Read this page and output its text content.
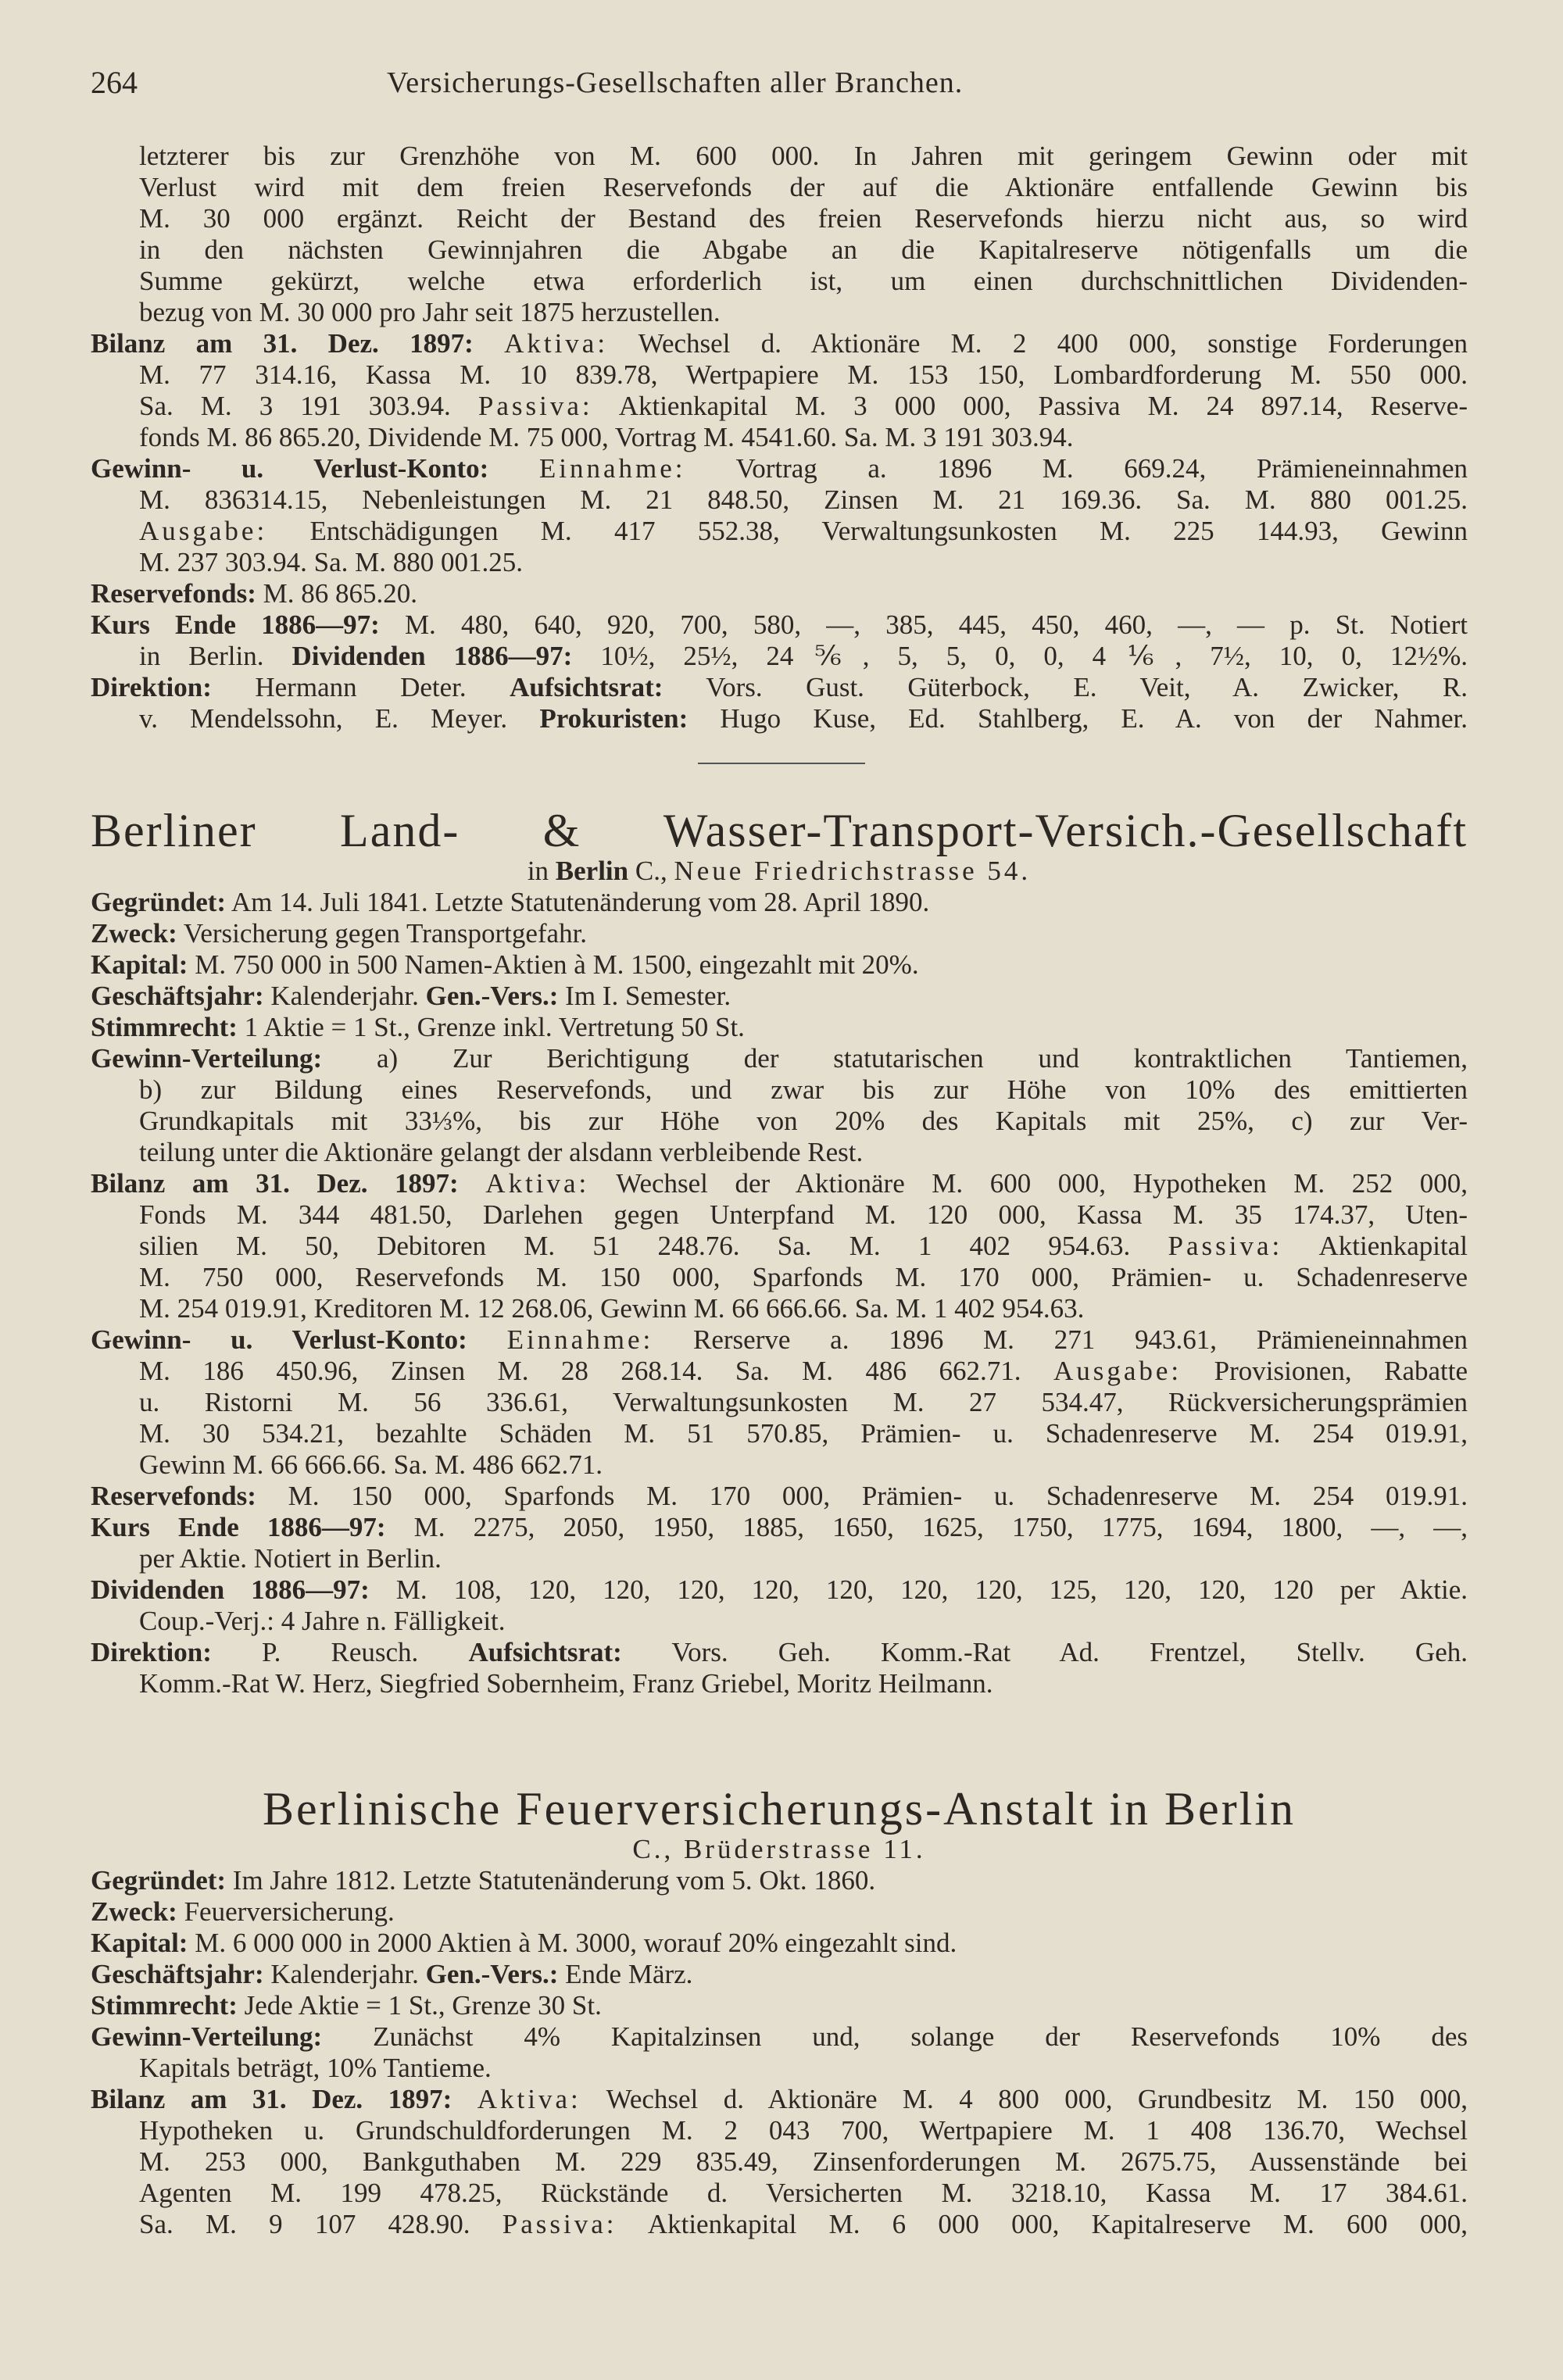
264	Versicherungs-Gesellschaften aller Branchen.
letzterer bis zur Grenzhöhe von M. 600 000. In Jahren mit geringem Gewinn oder mit
Verlust wird mit dem freien Reservefonds der auf die Aktionäre entfallende Gewinn bis
M. 30 000 ergänzt. Reicht der Bestand des freien Reservefonds hierzu nicht aus, so wird
in den nächsten Gewinnjahren die Abgabe an die Kapitalreserve nötigenfalls um die
Summe gekürzt, welche etwa erforderlich ist, um einen durchschnittlichen Dividenden-
bezug von M. 30 000 pro Jahr seit 1875 herzustellen.
Bilanz am 31. Dez. 1897: Aktiva: Wechsel d. Aktionäre M. 2 400 000, sonstige Forderungen
M. 77 314.16, Kassa M. 10 839.78, Wertpapiere M. 153 150, Lombardforderung M. 550 000.
Sa. M. 3 191 303.94. Passiva: Aktienkapital M. 3 000 000, Passiva M. 24 897.14, Reserve-
fonds M. 86 865.20, Dividende M. 75 000, Vortrag M. 4541.60. Sa. M. 3 191 303.94.
Gewinn- u. Verlust-Konto: Einnahme: Vortrag a. 1896 M. 669.24, Prämieneinnahmen
M. 836314.15, Nebenleistungen M. 21 848.50, Zinsen M. 21 169.36. Sa. M. 880 001.25.
Ausgabe: Entschädigungen M. 417 552.38, Verwaltungsunkosten M. 225 144.93, Gewinn
M. 237 303.94. Sa. M. 880 001.25.
Reservefonds: M. 86 865.20.
Kurs Ende 1886—97: M. 480, 640, 920, 700, 580, —, 385, 445, 450, 460, —, — p. St. Notiert
in Berlin. Dividenden 1886—97: 10½, 25½, 24⅚, 5, 5, 0, 0, 4⅙, 7½, 10, 0, 12½%.
Direktion: Hermann Deter. Aufsichtsrat: Vors. Gust. Güterbock, E. Veit, A. Zwicker, R.
v. Mendelssohn, E. Meyer. Prokuristen: Hugo Kuse, Ed. Stahlberg, E. A. von der Nahmer.
Berliner Land- & Wasser-Transport-Versich.-Gesellschaft
in Berlin C., Neue Friedrichstrasse 54.
Gegründet: Am 14. Juli 1841. Letzte Statutenänderung vom 28. April 1890.
Zweck: Versicherung gegen Transportgefahr.
Kapital: M. 750 000 in 500 Namen-Aktien à M. 1500, eingezahlt mit 20%.
Geschäftsjahr: Kalenderjahr. Gen.-Vers.: Im I. Semester.
Stimmrecht: 1 Aktie = 1 St., Grenze inkl. Vertretung 50 St.
Gewinn-Verteilung: a) Zur Berichtigung der statutarischen und kontraktlichen Tantiemen,
b) zur Bildung eines Reservefonds, und zwar bis zur Höhe von 10% des emittierten
Grundkapitals mit 33⅓%, bis zur Höhe von 20% des Kapitals mit 25%, c) zur Ver-
teilung unter die Aktionäre gelangt der alsdann verbleibende Rest.
Bilanz am 31. Dez. 1897: Aktiva: Wechsel der Aktionäre M. 600 000, Hypotheken M. 252 000,
Fonds M. 344 481.50, Darlehen gegen Unterpfand M. 120 000, Kassa M. 35 174.37, Uten-
silien M. 50, Debitoren M. 51 248.76. Sa. M. 1 402 954.63. Passiva: Aktienkapital
M. 750 000, Reservefonds M. 150 000, Sparfonds M. 170 000, Prämien- u. Schadenreserve
M. 254 019.91, Kreditoren M. 12 268.06, Gewinn M. 66 666.66. Sa. M. 1 402 954.63.
Gewinn- u. Verlust-Konto: Einnahme: Rerserve a. 1896 M. 271 943.61, Prämieneinnahmen
M. 186 450.96, Zinsen M. 28 268.14. Sa. M. 486 662.71. Ausgabe: Provisionen, Rabatte
u. Ristorni M. 56 336.61, Verwaltungsunkosten M. 27 534.47, Rückversicherungsprämien
M. 30 534.21, bezahlte Schäden M. 51 570.85, Prämien- u. Schadenreserve M. 254 019.91,
Gewinn M. 66 666.66. Sa. M. 486 662.71.
Reservefonds: M. 150 000, Sparfonds M. 170 000, Prämien- u. Schadenreserve M. 254 019.91.
Kurs Ende 1886—97: M. 2275, 2050, 1950, 1885, 1650, 1625, 1750, 1775, 1694, 1800, —, —,
per Aktie. Notiert in Berlin.
Dividenden 1886—97: M. 108, 120, 120, 120, 120, 120, 120, 120, 125, 120, 120, 120 per Aktie.
Coup.-Verj.: 4 Jahre n. Fälligkeit.
Direktion: P. Reusch. Aufsichtsrat: Vors. Geh. Komm.-Rat Ad. Frentzel, Stellv. Geh.
Komm.-Rat W. Herz, Siegfried Sobernheim, Franz Griebel, Moritz Heilmann.
Berlinische Feuerversicherungs-Anstalt in Berlin
C., Brüderstrasse 11.
Gegründet: Im Jahre 1812. Letzte Statutenänderung vom 5. Okt. 1860.
Zweck: Feuerversicherung.
Kapital: M. 6 000 000 in 2000 Aktien à M. 3000, worauf 20% eingezahlt sind.
Geschäftsjahr: Kalenderjahr. Gen.-Vers.: Ende März.
Stimmrecht: Jede Aktie = 1 St., Grenze 30 St.
Gewinn-Verteilung: Zunächst 4% Kapitalzinsen und, solange der Reservefonds 10% des
Kapitals beträgt, 10% Tantieme.
Bilanz am 31. Dez. 1897: Aktiva: Wechsel d. Aktionäre M. 4 800 000, Grundbesitz M. 150 000,
Hypotheken u. Grundschuldforderungen M. 2 043 700, Wertpapiere M. 1 408 136.70, Wechsel
M. 253 000, Bankguthaben M. 229 835.49, Zinsenforderungen M. 2675.75, Aussenstände bei
Agenten M. 199 478.25, Rückstände d. Versicherten M. 3218.10, Kassa M. 17 384.61.
Sa. M. 9 107 428.90. Passiva: Aktienkapital M. 6 000 000, Kapitalreserve M. 600 000,
